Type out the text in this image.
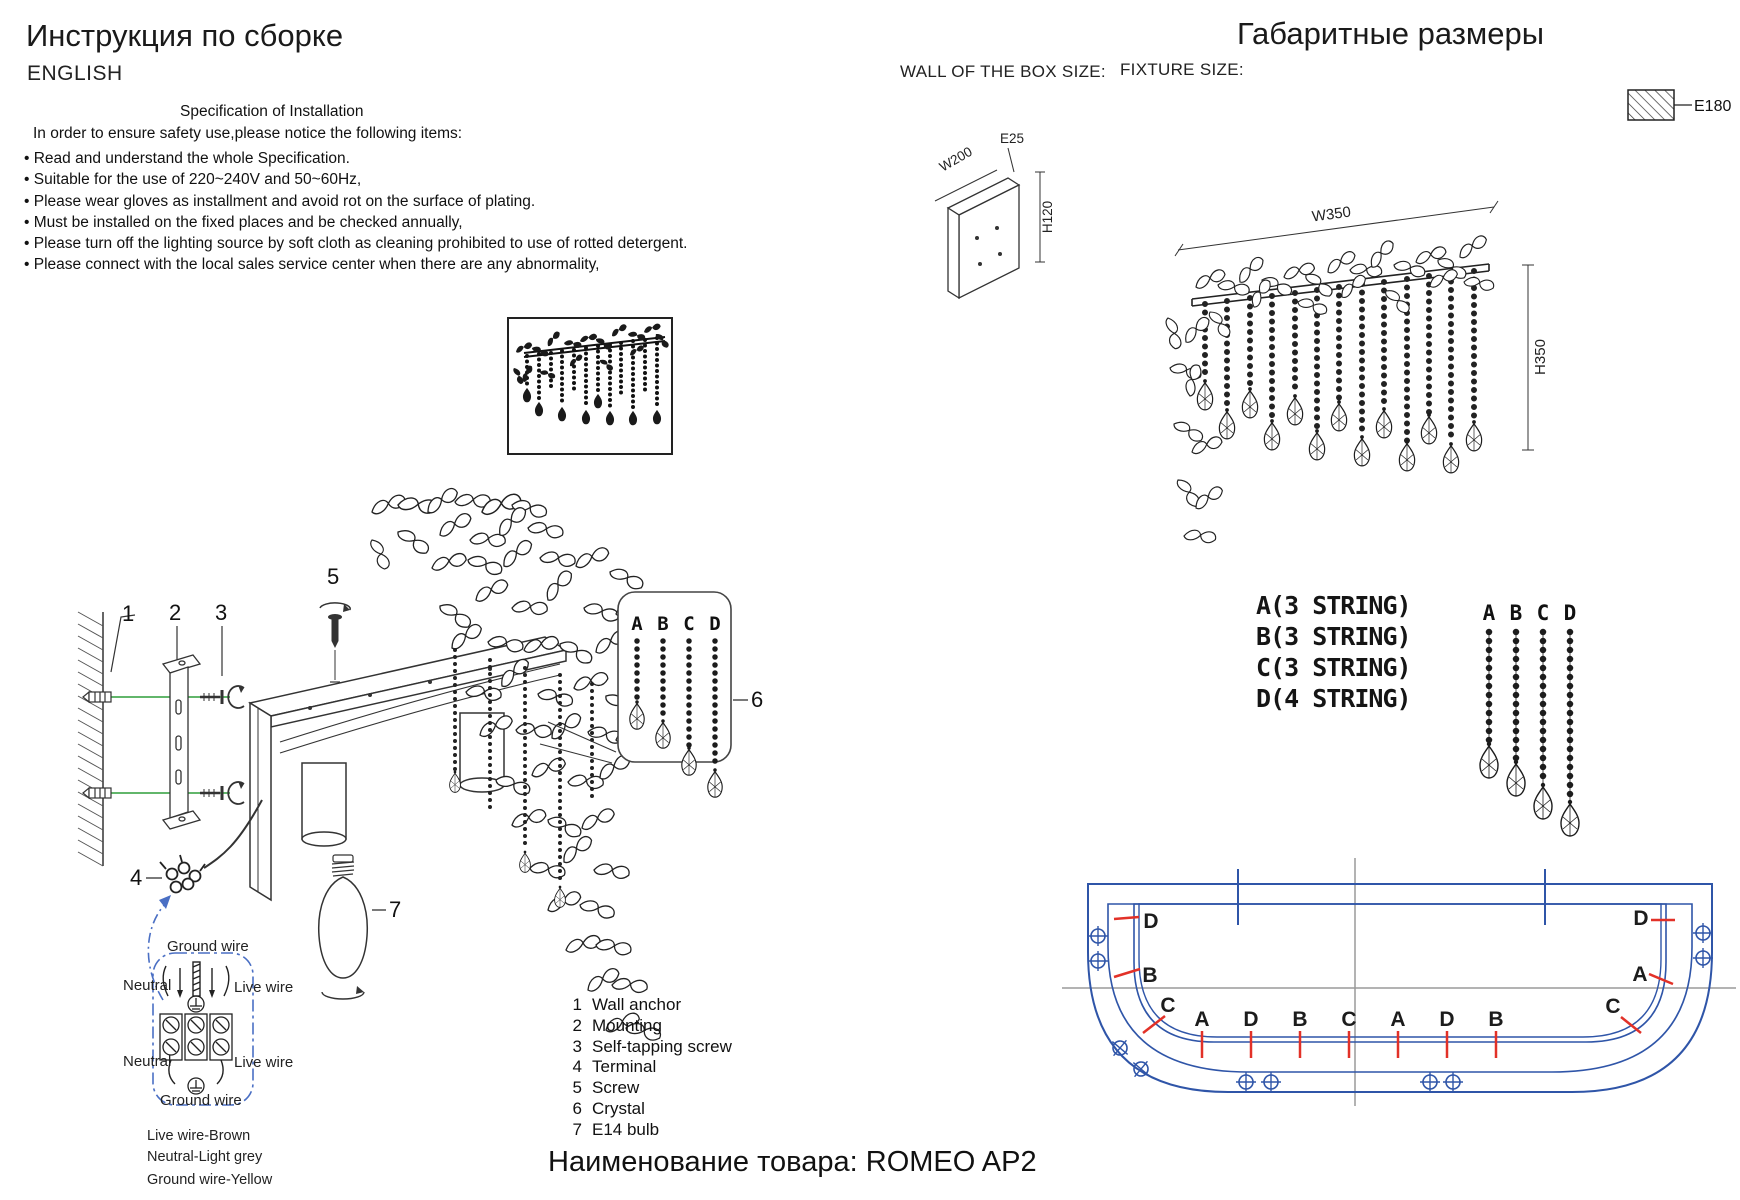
Инструкция по сборке
ENGLISH
Specification of Installation
In order to ensure safety use,please notice the following items:
• Read and understand the whole Specification.
• Suitable for the use of 220~240V and 50~60Hz,
• Please wear gloves as installment and avoid rot on the surface of plating.
• Must be installed on the fixed places and be checked annually,
• Please turn off the lighting source by soft cloth as cleaning prohibited to use of rotted detergent.
• Please connect with the local sales service center when there are any abnormality,
Габаритные размеры
WALL OF THE BOX SIZE: FIXTURE SIZE:
E180
W200
E25
H120	W350
H350
A B C D
1 2 3
5
4
7
6
Ground wire
Neutral	Live wire
Neutral	Live wire
Ground wire
Live wire-Brown
Neutral-Light grey
Ground wire-Yellow
1 Wall anchor
2 Mounting
3 Self-tapping screw
4 Terminal
5 Screw
6 Crystal
7 E14 bulb
Наименование товара: ROMEO AP2
A(3 STRING)
B(3 STRING)
C(3 STRING)
D(4 STRING)
A B C D
D
B
C
A D B C A D B
C
A
D
